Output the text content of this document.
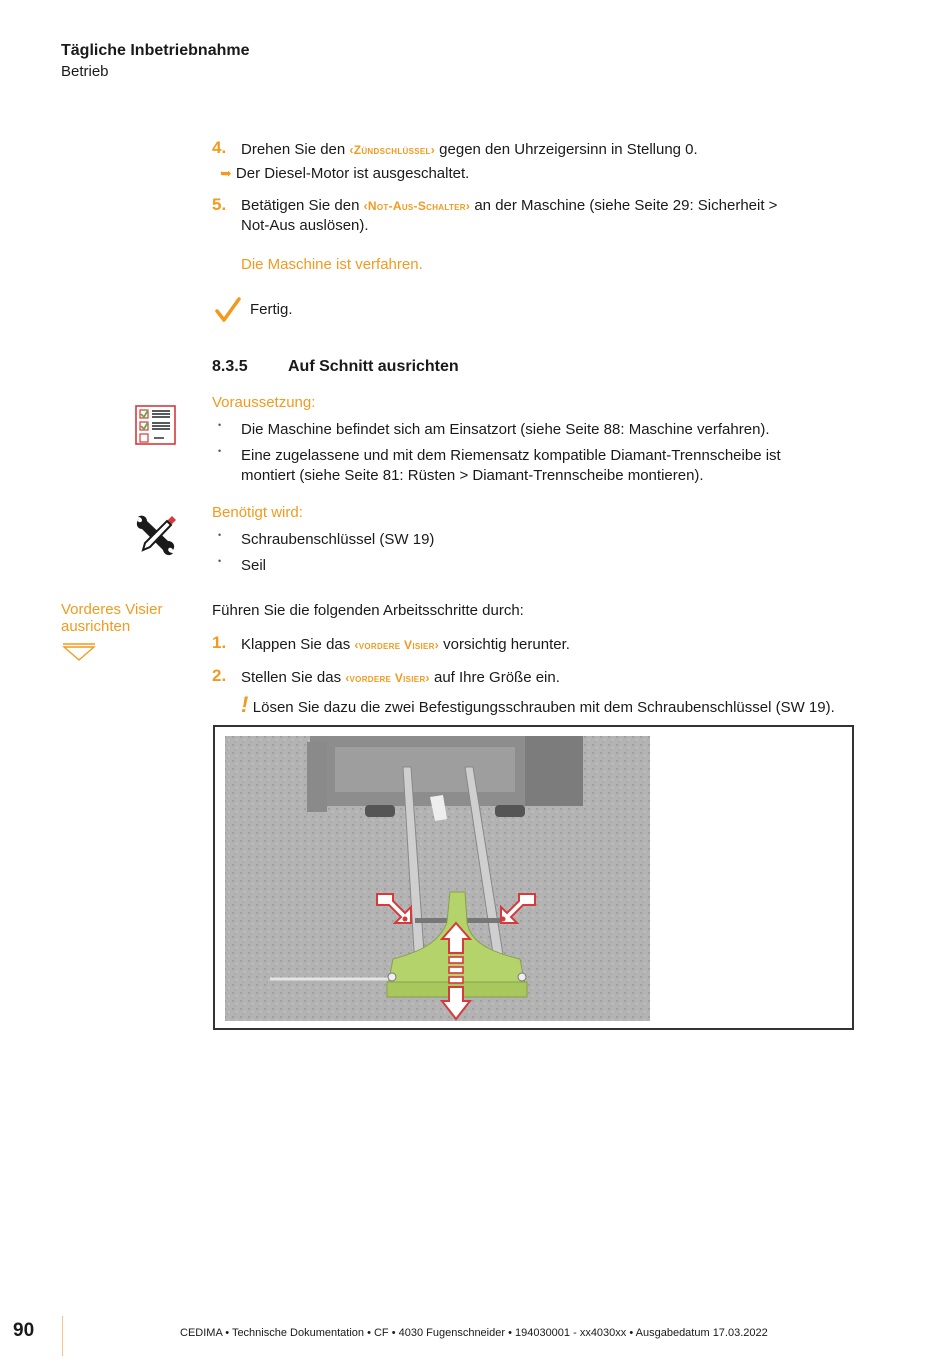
Tägliche Inbetriebnahme
Betrieb
4. Drehen Sie den ‹Zündschlüssel› gegen den Uhrzeigersinn in Stellung 0.
➥ Der Diesel-Motor ist ausgeschaltet.
5. Betätigen Sie den ‹Not-Aus-Schalter› an der Maschine (siehe Seite 29: Sicherheit >
Not-Aus auslösen).
Die Maschine ist verfahren.
Fertig.
8.3.5	Auf Schnitt ausrichten
Voraussetzung:
• Die Maschine befindet sich am Einsatzort (siehe Seite 88: Maschine verfahren).
• Eine zugelassene und mit dem Riemensatz kompatible Diamant-Trennscheibe ist
montiert (siehe Seite 81: Rüsten > Diamant-Trennscheibe montieren).
Benötigt wird:
• Schraubenschlüssel (SW 19)
• Seil
Vorderes Visier
ausrichten
Führen Sie die folgenden Arbeitsschritte durch:
1. Klappen Sie das ‹vordere Visier› vorsichtig herunter.
2. Stellen Sie das ‹vordere Visier› auf Ihre Größe ein.
! Lösen Sie dazu die zwei Befestigungsschrauben mit dem Schraubenschlüssel (SW 19).
90	CEDIMA • Technische Dokumentation • CF • 4030 Fugenschneider • 194030001 - xx4030xx • Ausgabedatum 17.03.2022
